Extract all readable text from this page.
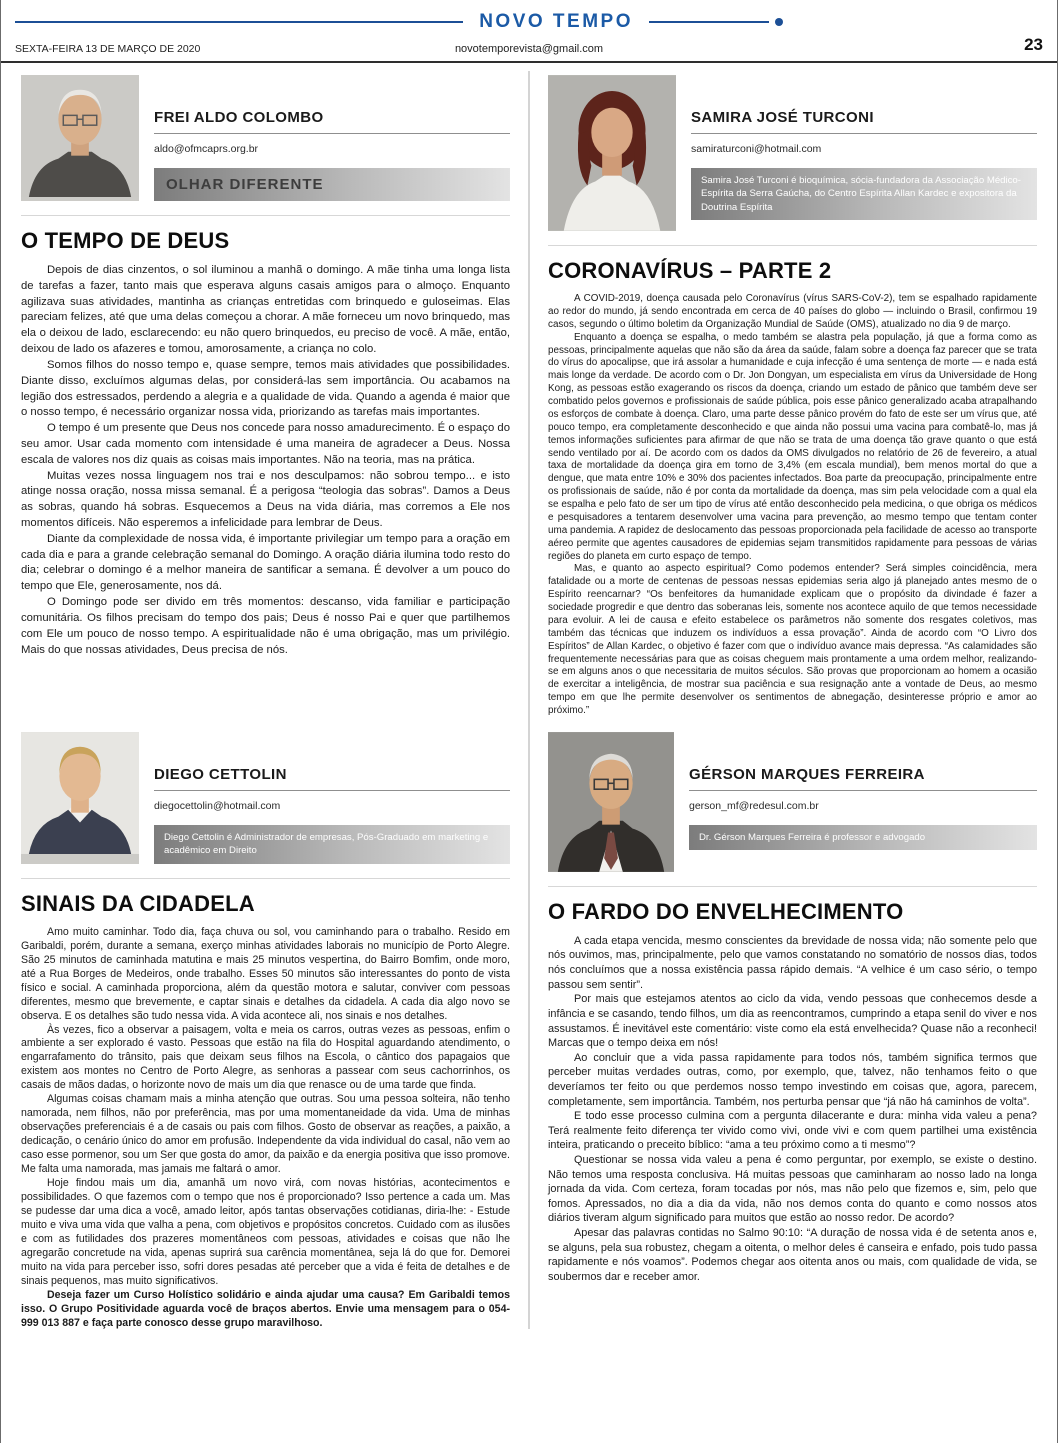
NOVO TEMPO
SEXTA-FEIRA 13 DE MARÇO DE 2020	novotemporevista@gmail.com	23
FREI ALDO COLOMBO
aldo@ofmcaprs.org.br
OLHAR DIFERENTE
O TEMPO DE DEUS

Depois de dias cinzentos, o sol iluminou a manhã o domingo. A mãe tinha uma longa lista de tarefas a fazer, tanto mais que esperava alguns casais amigos para o almoço. Enquanto agilizava suas atividades, mantinha as crianças entretidas com brinquedo e guloseimas. Elas pareciam felizes, até que uma delas começou a chorar. A mãe forneceu um novo brinquedo, mas ela o deixou de lado, esclarecendo: eu não quero brinquedos, eu preciso de você. A mãe, então, deixou de lado os afazeres e tomou, amorosamente, a criança no colo.

Somos filhos do nosso tempo e, quase sempre, temos mais atividades que possibilidades. Diante disso, excluímos algumas delas, por considerá-las sem importância. Ou acabamos na legião dos estressados, perdendo a alegria e a qualidade de vida. Quando a agenda é maior que o nosso tempo, é necessário organizar nossa vida, priorizando as tarefas mais importantes.

O tempo é um presente que Deus nos concede para nosso amadurecimento. É o espaço do seu amor. Usar cada momento com intensidade é uma maneira de agradecer a Deus. Nossa escala de valores nos diz quais as coisas mais importantes. Não na teoria, mas na prática.

Muitas vezes nossa linguagem nos trai e nos desculpamos: não sobrou tempo... e isto atinge nossa oração, nossa missa semanal. É a perigosa “teologia das sobras”. Damos a Deus as sobras, quando há sobras. Esquecemos a Deus na vida diária, mas corremos a Ele nos momentos difíceis. Não esperemos a infelicidade para lembrar de Deus.

Diante da complexidade de nossa vida, é importante privilegiar um tempo para a oração em cada dia e para a grande celebração semanal do Domingo. A oração diária ilumina todo resto do dia; celebrar o domingo é a melhor maneira de santificar a semana. É devolver a um pouco do tempo que Ele, generosamente, nos dá.

O Domingo pode ser divido em três momentos: descanso, vida familiar e participação comunitária. Os filhos precisam do tempo dos pais; Deus é nosso Pai e quer que partilhemos com Ele um pouco de nosso tempo. A espiritualidade não é uma obrigação, mas um privilégio. Mais do que nossas atividades, Deus precisa de nós.

SAMIRA JOSÉ TURCONI
samiraturconi@hotmail.com
Samira José Turconi é bioquímica, sócia-fundadora da Associação Médico-Espírita da Serra Gaúcha, do Centro Espírita Allan Kardec e expositora da Doutrina Espírita
CORONAVÍRUS – PARTE 2

A COVID-2019, doença causada pelo Coronavírus (vírus SARS-CoV-2), tem se espalhado rapidamente ao redor do mundo, já sendo encontrada em cerca de 40 países do globo — incluindo o Brasil, confirmou 19 casos, segundo o último boletim da Organização Mundial de Saúde (OMS), atualizado no dia 9 de março.

Enquanto a doença se espalha, o medo também se alastra pela população, já que a forma como as pessoas, principalmente aquelas que não são da área da saúde, falam sobre a doença faz parecer que se trata do vírus do apocalipse, que irá assolar a humanidade e cuja infecção é uma sentença de morte — e nada está mais longe da verdade. De acordo com o Dr. Jon Dongyan, um especialista em vírus da Universidade de Hong Kong, as pessoas estão exagerando os riscos da doença, criando um estado de pânico que também deve ser combatido pelos governos e profissionais de saúde pública, pois esse pânico generalizado acaba atrapalhando os esforços de combate à doença. Claro, uma parte desse pânico provém do fato de este ser um vírus que, até pouco tempo, era completamente desconhecido e que ainda não possui uma vacina para combatê-lo, mas já temos informações suficientes para afirmar de que não se trata de uma doença tão grave quanto o que está sendo ventilado por aí. De acordo com os dados da OMS divulgados no relatório de 26 de fevereiro, a atual taxa de mortalidade da doença gira em torno de 3,4% (em escala mundial), bem menos mortal do que a dengue, que mata entre 10% e 30% dos pacientes infectados. Boa parte da preocupação, principalmente entre os profissionais de saúde, não é por conta da mortalidade da doença, mas sim pela velocidade com a qual ela se espalha e pelo fato de ser um tipo de vírus até então desconhecido pela medicina, o que obriga os médicos e pesquisadores a tentarem desenvolver uma vacina para prevenção, ao mesmo tempo que tentam conter uma pandemia. A rapidez de deslocamento das pessoas proporcionada pela facilidade de acesso ao transporte aéreo permite que agentes causadores de epidemias sejam transmitidos rapidamente para pessoas de várias regiões do planeta em curto espaço de tempo.

Mas, e quanto ao aspecto espiritual? Como podemos entender? Será simples coincidência, mera fatalidade ou a morte de centenas de pessoas nessas epidemias seria algo já planejado antes mesmo de o Espírito reencarnar? “Os benfeitores da humanidade explicam que o propósito da divindade é fazer a sociedade progredir e que dentro das soberanas leis, somente nos acontece aquilo de que temos necessidade para evoluir. A lei de causa e efeito estabelece os parâmetros não somente dos resgates coletivos, mas também das técnicas que induzem os indivíduos a essa provação”. Ainda de acordo com “O Livro dos Espíritos” de Allan Kardec, o objetivo é fazer com que o indivíduo avance mais depressa. “As calamidades são frequentemente necessárias para que as coisas cheguem mais prontamente a uma ordem melhor, realizando-se em alguns anos o que necessitaria de muitos séculos. São provas que proporcionam ao homem a ocasião de exercitar a inteligência, de mostrar sua paciência e sua resignação ante a vontade de Deus, ao mesmo tempo em que lhe permite desenvolver os sentimentos de abnegação, desinteresse próprio e amor ao próximo.”

DIEGO CETTOLIN
diegocettolin@hotmail.com
Diego Cettolin é Administrador de empresas, Pós-Graduado em marketing e acadêmico em Direito
SINAIS DA CIDADELA

Amo muito caminhar. Todo dia, faça chuva ou sol, vou caminhando para o trabalho. Resido em Garibaldi, porém, durante a semana, exerço minhas atividades laborais no município de Porto Alegre. São 25 minutos de caminhada matutina e mais 25 minutos vespertina, do Bairro Bomfim, onde moro, até a Rua Borges de Medeiros, onde trabalho. Esses 50 minutos são interessantes do ponto de vista físico e social. A caminhada proporciona, além da questão motora e salutar, conviver com pessoas diferentes, mesmo que brevemente, e captar sinais e detalhes da cidadela. A cada dia algo novo se observa. E os detalhes são tudo nessa vida. A vida acontece ali, nos sinais e nos detalhes.

Às vezes, fico a observar a paisagem, volta e meia os carros, outras vezes as pessoas, enfim o ambiente a ser explorado é vasto. Pessoas que estão na fila do Hospital aguardando atendimento, o engarrafamento do trânsito, pais que deixam seus filhos na Escola, o cântico dos papagaios que existem aos montes no Centro de Porto Alegre, as senhoras a passear com seus cachorrinhos, os casais de mãos dadas, o horizonte novo de mais um dia que renasce ou de uma tarde que finda.

Algumas coisas chamam mais a minha atenção que outras. Sou uma pessoa solteira, não tenho namorada, nem filhos, não por preferência, mas por uma momentaneidade da vida. Uma de minhas observações preferenciais é a de casais ou pais com filhos. Gosto de observar as reações, a paixão, a dedicação, o cenário único do amor em profusão. Independente da vida individual do casal, não vem ao caso esse pormenor, sou um Ser que gosta do amor, da paixão e da energia positiva que isso promove. Me falta uma namorada, mas jamais me faltará o amor.

Hoje findou mais um dia, amanhã um novo virá, com novas histórias, acontecimentos e possibilidades. O que fazemos com o tempo que nos é proporcionado? Isso pertence a cada um. Mas se pudesse dar uma dica a você, amado leitor, após tantas observações cotidianas, diria-lhe: - Estude muito e viva uma vida que valha a pena, com objetivos e propósitos concretos. Cuidado com as ilusões e com as futilidades dos prazeres momentâneos com pessoas, atividades e coisas que não lhe agregarão concretude na vida, apenas suprirá sua carência momentânea, seja lá do que for. Demorei muito na vida para perceber isso, sofri dores pesadas até perceber que a vida é feita de detalhes e de sinais pequenos, mas muito significativos.

Deseja fazer um Curso Holístico solidário e ainda ajudar uma causa? Em Garibaldi temos isso. O Grupo Positividade aguarda você de braços abertos. Envie uma mensagem para o 054-999 013 887 e faça parte conosco desse grupo maravilhoso.

GÉRSON MARQUES FERREIRA
gerson_mf@redesul.com.br
Dr. Gérson Marques Ferreira é professor e advogado
O FARDO DO ENVELHECIMENTO

A cada etapa vencida, mesmo conscientes da brevidade de nossa vida; não somente pelo que nós ouvimos, mas, principalmente, pelo que vamos constatando no somatório de nossos dias, todos nós concluímos que a nossa existência passa rápido demais. “A velhice é um caso sério, o tempo passou sem sentir”.

Por mais que estejamos atentos ao ciclo da vida, vendo pessoas que conhecemos desde a infância e se casando, tendo filhos, um dia as reencontramos, cumprindo a etapa senil do viver e nos assustamos. É inevitável este comentário: viste como ela está envelhecida? Quase não a reconheci! Marcas que o tempo deixa em nós!

Ao concluir que a vida passa rapidamente para todos nós, também significa termos que perceber muitas verdades outras, como, por exemplo, que, talvez, não tenhamos feito o que deveríamos ter feito ou que perdemos nosso tempo investindo em coisas que, agora, parecem, completamente, sem importância. Também, nos perturba pensar que “já não há caminhos de volta”.

E todo esse processo culmina com a pergunta dilacerante e dura: minha vida valeu a pena? Terá realmente feito diferença ter vivido como vivi, onde vivi e com quem partilhei uma existência inteira, praticando o preceito bíblico: “ama a teu próximo como a ti mesmo”?

Questionar se nossa vida valeu a pena é como perguntar, por exemplo, se existe o destino. Não temos uma resposta conclusiva. Há muitas pessoas que caminharam ao nosso lado na longa jornada da vida. Com certeza, foram tocadas por nós, mas não pelo que fizemos e, sim, pelo que fomos. Apressados, no dia a dia da vida, não nos demos conta do quanto e como nossos atos diários tiveram algum significado para muitos que estão ao nosso redor. De acordo?

Apesar das palavras contidas no Salmo 90:10: “A duração de nossa vida é de setenta anos e, se alguns, pela sua robustez, chegam a oitenta, o melhor deles é canseira e enfado, pois tudo passa rapidamente e nós voamos”. Podemos chegar aos oitenta anos ou mais, com qualidade de vida, se soubermos dar e receber amor.
